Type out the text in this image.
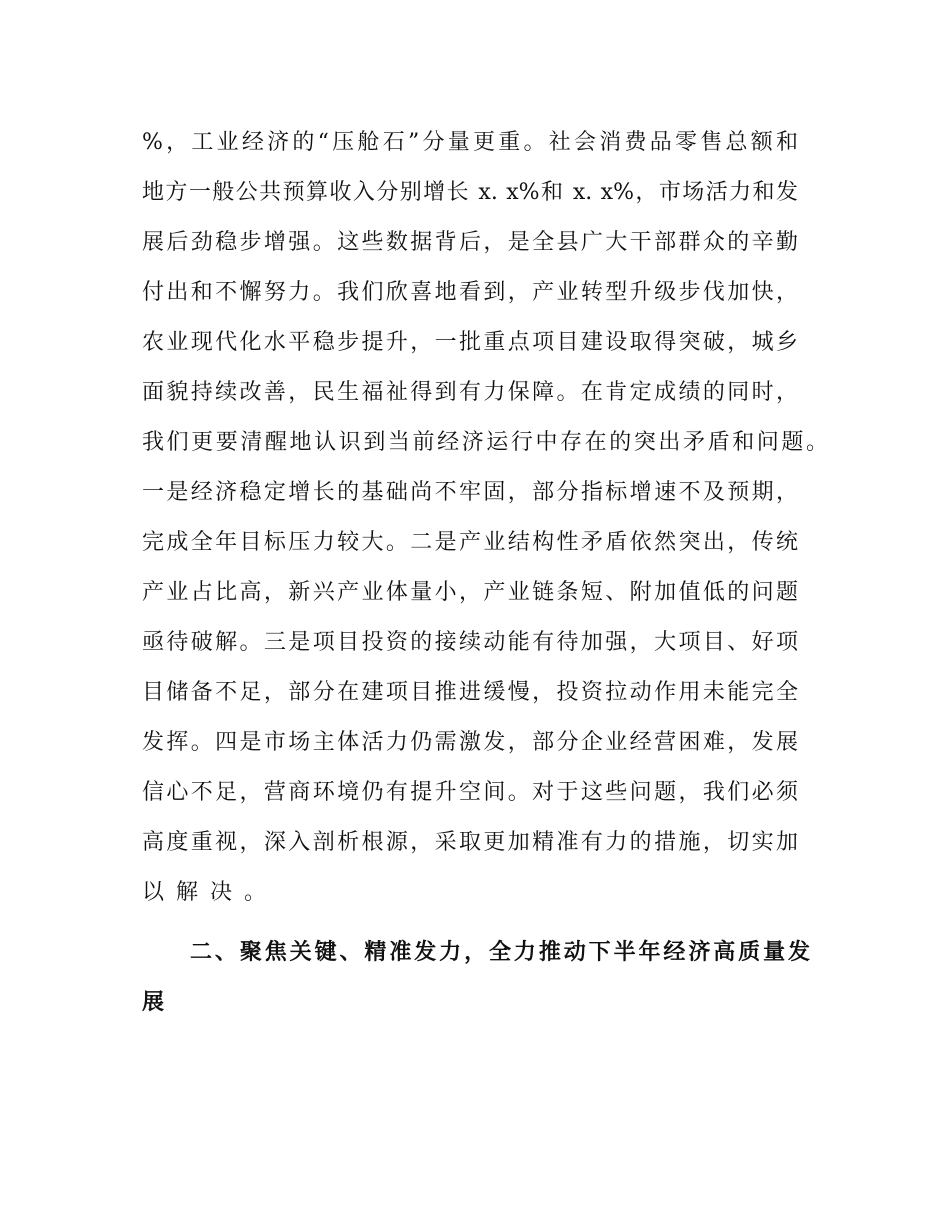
%，工业经济的“压舱石”分量更重。社会消费品零售总额和
地方一般公共预算收入分别增长 x. x%和 x. x%，市场活力和发
展后劲稳步增强。这些数据背后，是全县广大干部群众的辛勤
付出和不懈努力。我们欣喜地看到，产业转型升级步伐加快，
农业现代化水平稳步提升，一批重点项目建设取得突破，城乡
面貌持续改善，民生福祉得到有力保障。在肯定成绩的同时，
我们更要清醒地认识到当前经济运行中存在的突出矛盾和问题。
一是经济稳定增长的基础尚不牢固，部分指标增速不及预期，
完成全年目标压力较大。二是产业结构性矛盾依然突出，传统
产业占比高，新兴产业体量小，产业链条短、附加值低的问题
亟待破解。三是项目投资的接续动能有待加强，大项目、好项
目储备不足，部分在建项目推进缓慢，投资拉动作用未能完全
发挥。四是市场主体活力仍需激发，部分企业经营困难，发展
信心不足，营商环境仍有提升空间。对于这些问题，我们必须
高度重视，深入剖析根源，采取更加精准有力的措施，切实加
以解决。
二、聚焦关键、精准发力，全力推动下半年经济高质量发
展
